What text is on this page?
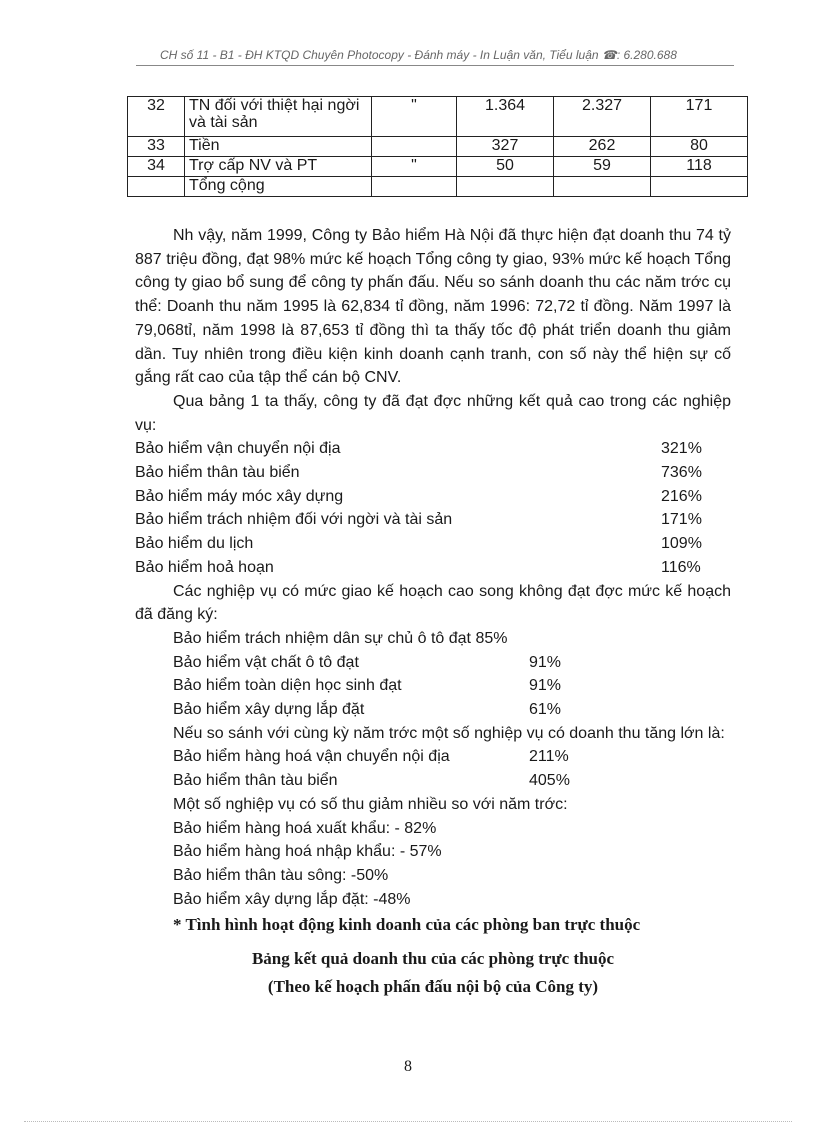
CH số 11 - B1 - ĐH KTQD Chuyên Photocopy - Đánh máy - In Luận văn, Tiểu luận ☎: 6.280.688
32	TN đối với thiệt hại ngời và tài sản	"	1.364	2.327	171
33	Tiền		327	262	80
34	Trợ cấp NV và PT	"	50	59	118
	Tổng cộng				

Nh vậy, năm 1999, Công ty Bảo hiểm Hà Nội đã thực hiện đạt doanh thu 74 tỷ 887 triệu đồng, đạt 98% mức kế hoạch Tổng công ty giao, 93% mức kế hoạch Tổng công ty giao bổ sung để công ty phấn đấu. Nếu so sánh doanh thu các năm trớc cụ thể: Doanh thu năm 1995 là 62,834 tỉ đồng, năm 1996: 72,72 tỉ đồng. Năm 1997 là 79,068tỉ, năm 1998 là 87,653 tỉ đồng thì ta thấy tốc độ phát triển doanh thu giảm dần. Tuy nhiên trong điều kiện kinh doanh cạnh tranh, con số này thể hiện sự cố gắng rất cao của tập thể cán bộ CNV.

Qua bảng 1 ta thấy, công ty đã đạt đợc những kết quả cao trong các nghiệp vụ:

Bảo hiểm vận chuyển nội địa	321%
Bảo hiểm thân tàu biển	736%
Bảo hiểm máy móc xây dựng	216%
Bảo hiểm trách nhiệm đối với ngời và tài sản	171%
Bảo hiểm du lịch	109%
Bảo hiểm hoả hoạn	116%

Các nghiệp vụ có mức giao kế hoạch cao song không đạt đợc mức kế hoạch đã đăng ký:

Bảo hiểm trách nhiệm dân sự chủ ô tô đạt 85%
Bảo hiểm vật chất ô tô đạt	91%
Bảo hiểm toàn diện học sinh đạt	91%
Bảo hiểm xây dựng lắp đặt	61%

Nếu so sánh với cùng kỳ năm trớc một số nghiệp vụ có doanh thu tăng lớn là:

Bảo hiểm hàng hoá vận chuyển nội địa	211%
Bảo hiểm thân tàu biển	405%
Một số nghiệp vụ có số thu giảm nhiều so với năm trớc:
Bảo hiểm hàng hoá xuất khẩu: - 82%
Bảo hiểm hàng hoá nhập khẩu: - 57%
Bảo hiểm thân tàu sông: -50%
Bảo hiểm xây dựng lắp đặt: -48%
* Tình hình hoạt động kinh doanh của các phòng ban trực thuộc
Bảng kết quả doanh thu của các phòng trực thuộc
(Theo kế hoạch phấn đấu nội bộ của Công ty)
8
